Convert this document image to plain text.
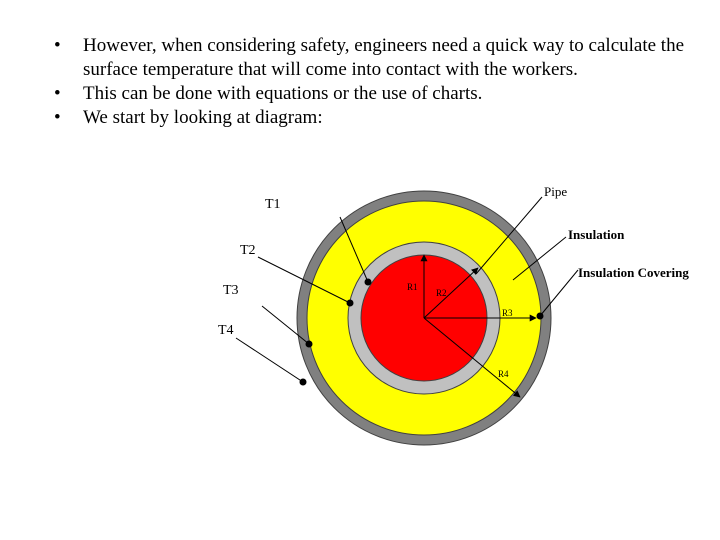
•	However, when considering safety, engineers need a quick way to calculate the surface temperature that will come into contact with the workers.
•	This can be done with equations or the use of charts.
•	We start by looking at diagram:
T1
T2
T3
T4
Pipe
Insulation
Insulation Covering
R1
R2
R3
R4
